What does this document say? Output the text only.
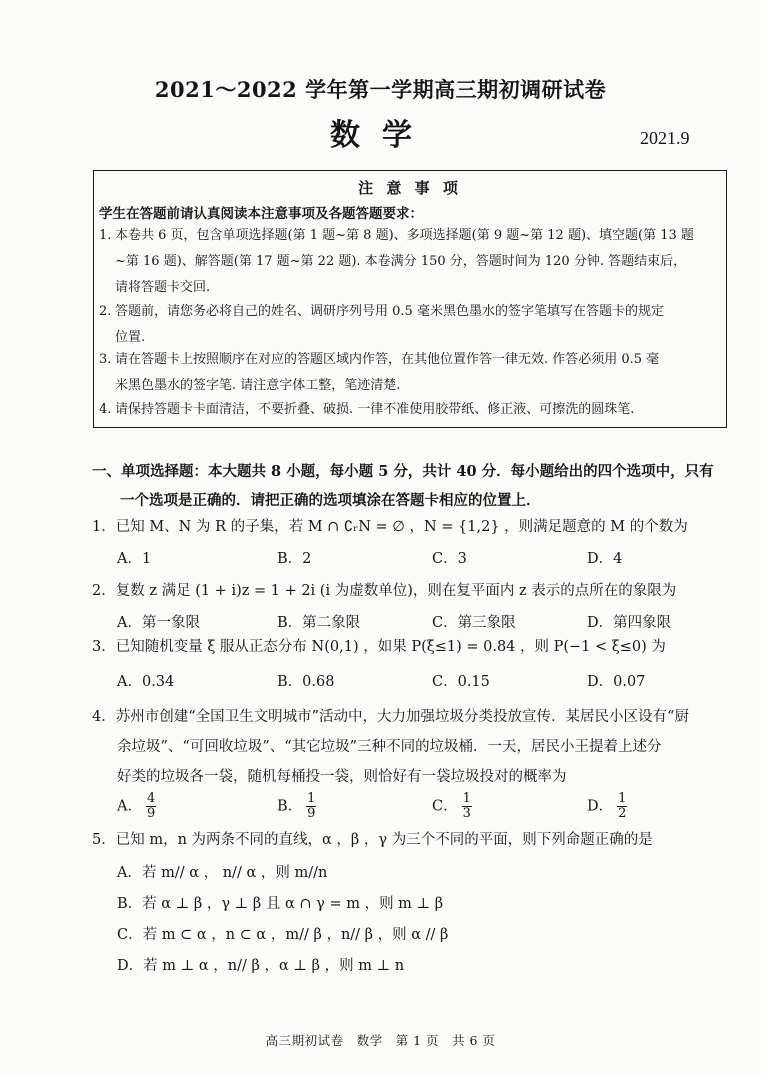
2021～2022 学年第一学期高三期初调研试卷
数学	2021.9
注 意 事 项
学生在答题前请认真阅读本注意事项及各题答题要求：
1. 本卷共 6 页，包含单项选择题(第 1 题~第 8 题)、多项选择题(第 9 题~第 12 题)、填空题(第 13 题
~第 16 题)、解答题(第 17 题~第 22 题). 本卷满分 150 分，答题时间为 120 分钟. 答题结束后，
请将答题卡交回.
2. 答题前，请您务必将自己的姓名、调研序列号用 0.5 毫米黑色墨水的签字笔填写在答题卡的规定
位置.
3. 请在答题卡上按照顺序在对应的答题区域内作答，在其他位置作答一律无效. 作答必须用 0.5 毫
米黑色墨水的签字笔. 请注意字体工整，笔迹清楚.
4. 请保持答题卡卡面清洁，不要折叠、破损. 一律不准使用胶带纸、修正液、可擦洗的圆珠笔.
一、单项选择题：本大题共 8 小题，每小题 5 分，共计 40 分．每小题给出的四个选项中，只有
一个选项是正确的．请把正确的选项填涂在答题卡相应的位置上．
1．已知 M、N 为 R 的子集，若 M ∩ ∁ᵣN = ∅ ，N = {1,2} ，则满足题意的 M 的个数为
A．1	B．2	C．3	D．4
2．复数 z 满足 (1 + i)z = 1 + 2i (i 为虚数单位)，则在复平面内 z 表示的点所在的象限为
A．第一象限	B．第二象限	C．第三象限	D．第四象限
3．已知随机变量 ξ 服从正态分布 N(0,1) ，如果 P(ξ≤1) = 0.84 ，则 P(−1 < ξ≤0) 为
A．0.34	B．0.68	C．0.15	D．0.07
4．苏州市创建“全国卫生文明城市”活动中，大力加强垃圾分类投放宣传．某居民小区设有“厨
余垃圾”、“可回收垃圾”、“其它垃圾”三种不同的垃圾桶．一天，居民小王提着上述分
好类的垃圾各一袋，随机每桶投一袋，则恰好有一袋垃圾投对的概率为
A． $\frac{4}{9}$	B． $\frac{1}{9}$	C． $\frac{1}{3}$	D． $\frac{1}{2}$
5．已知 m，n 为两条不同的直线，α ，β ，γ 为三个不同的平面，则下列命题正确的是
A．若 m// α ， n// α ，则 m//n
B．若 α ⊥ β ，γ ⊥ β 且 α ∩ γ = m ，则 m ⊥ β
C．若 m ⊂ α ，n ⊂ α ，m// β ，n// β ，则 α // β
D．若 m ⊥ α ，n// β ，α ⊥ β ，则 m ⊥ n
高三期初试卷　数学　第 1 页　共 6 页
